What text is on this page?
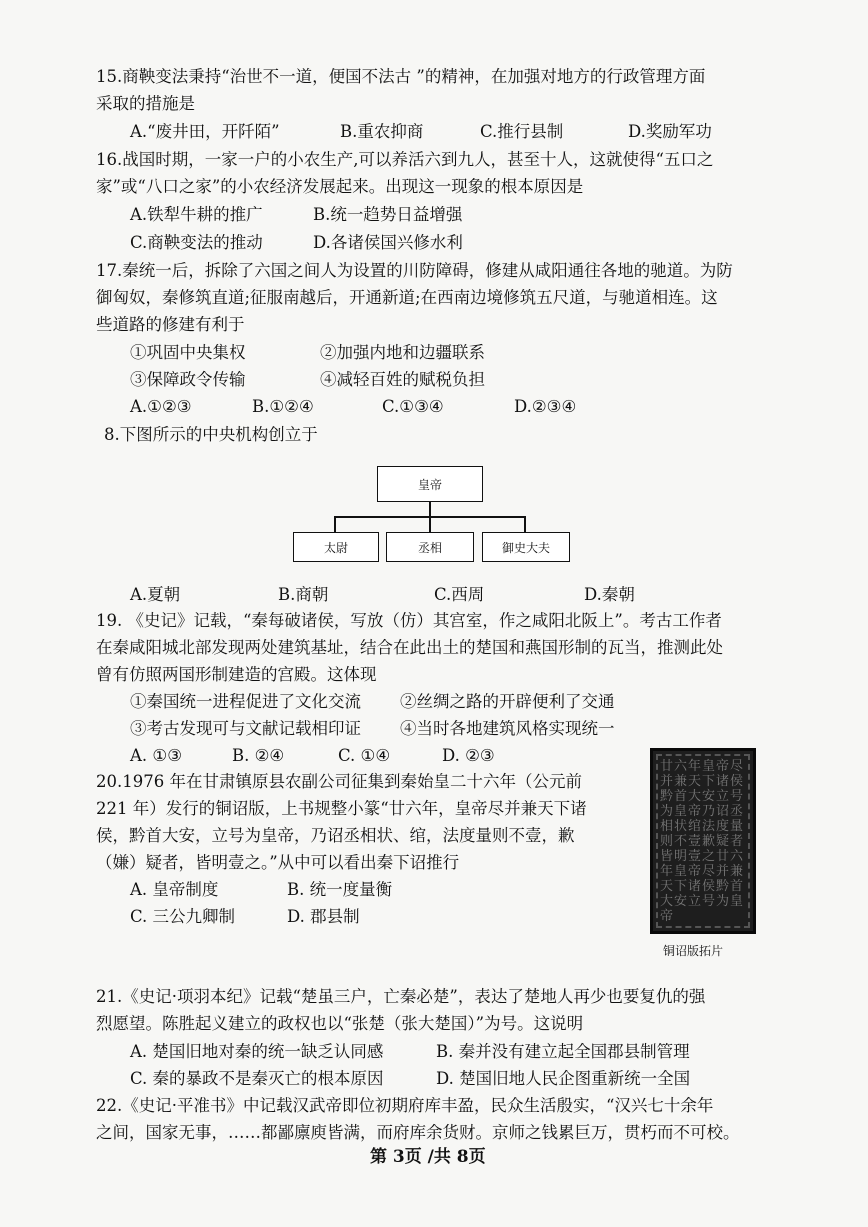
15.商鞅变法秉持“治世不一道，便国不法古 ”的精神，在加强对地方的行政管理方面
采取的措施是
A.“废井田，开阡陌”	B.重农抑商	C.推行县制	D.奖励军功
16.战国时期，一家一户的小农生产,可以养活六到九人，甚至十人，这就使得“五口之
家”或“八口之家”的小农经济发展起来。出现这一现象的根本原因是
A.铁犁牛耕的推广	B.统一趋势日益增强
C.商鞅变法的推动	D.各诸侯国兴修水利
17.秦统一后，拆除了六国之间人为设置的川防障碍，修建从咸阳通往各地的驰道。为防
御匈奴，秦修筑直道;征服南越后，开通新道;在西南边境修筑五尺道，与驰道相连。这
些道路的修建有利于
①巩固中央集权	②加强内地和边疆联系
③保障政令传输	④减轻百姓的赋税负担
A.①②③	B.①②④	C.①③④	D.②③④
8.下图所示的中央机构创立于
皇帝
太尉	丞相	御史大夫
A.夏朝	B.商朝	C.西周	D.秦朝
19. 《史记》记载，“秦每破诸侯，写放（仿）其宫室，作之咸阳北阪上”。考古工作者
在秦咸阳城北部发现两处建筑基址，结合在此出土的楚国和燕国形制的瓦当，推测此处
曾有仿照两国形制建造的宫殿。这体现
①秦国统一进程促进了文化交流 ②丝绸之路的开辟便利了交通
③考古发现可与文献记载相印证 ④当时各地建筑风格实现统一
A. ①③	B. ②④	C. ①④	D. ②③
20.1976 年在甘肃镇原县农副公司征集到秦始皇二十六年（公元前
221 年）发行的铜诏版，上书规整小篆“廿六年，皇帝尽并兼天下诸
侯，黔首大安，立号为皇帝，乃诏丞相状、绾，法度量则不壹，歉
（嫌）疑者，皆明壹之。”从中可以看出秦下诏推行
A. 皇帝制度	B. 统一度量衡
C. 三公九卿制	D. 郡县制
廿六年皇帝尽并兼天下诸侯黔首大安立号为皇帝乃诏丞相状绾法度量则不壹歉疑者皆明壹之廿六年皇帝尽并兼天下诸侯黔首大安立号为皇帝
铜诏版拓片
21.《史记·项羽本纪》记载“楚虽三户，亡秦必楚”，表达了楚地人再少也要复仇的强
烈愿望。陈胜起义建立的政权也以“张楚（张大楚国）”为号。这说明
A. 楚国旧地对秦的统一缺乏认同感	B. 秦并没有建立起全国郡县制管理
C. 秦的暴政不是秦灭亡的根本原因	D. 楚国旧地人民企图重新统一全国
22.《史记·平准书》中记载汉武帝即位初期府库丰盈，民众生活殷实，“汉兴七十余年
之间，国家无事，……都鄙廪庾皆满，而府库余货财。京师之钱累巨万，贯朽而不可校。
第 3页 /共 8页
